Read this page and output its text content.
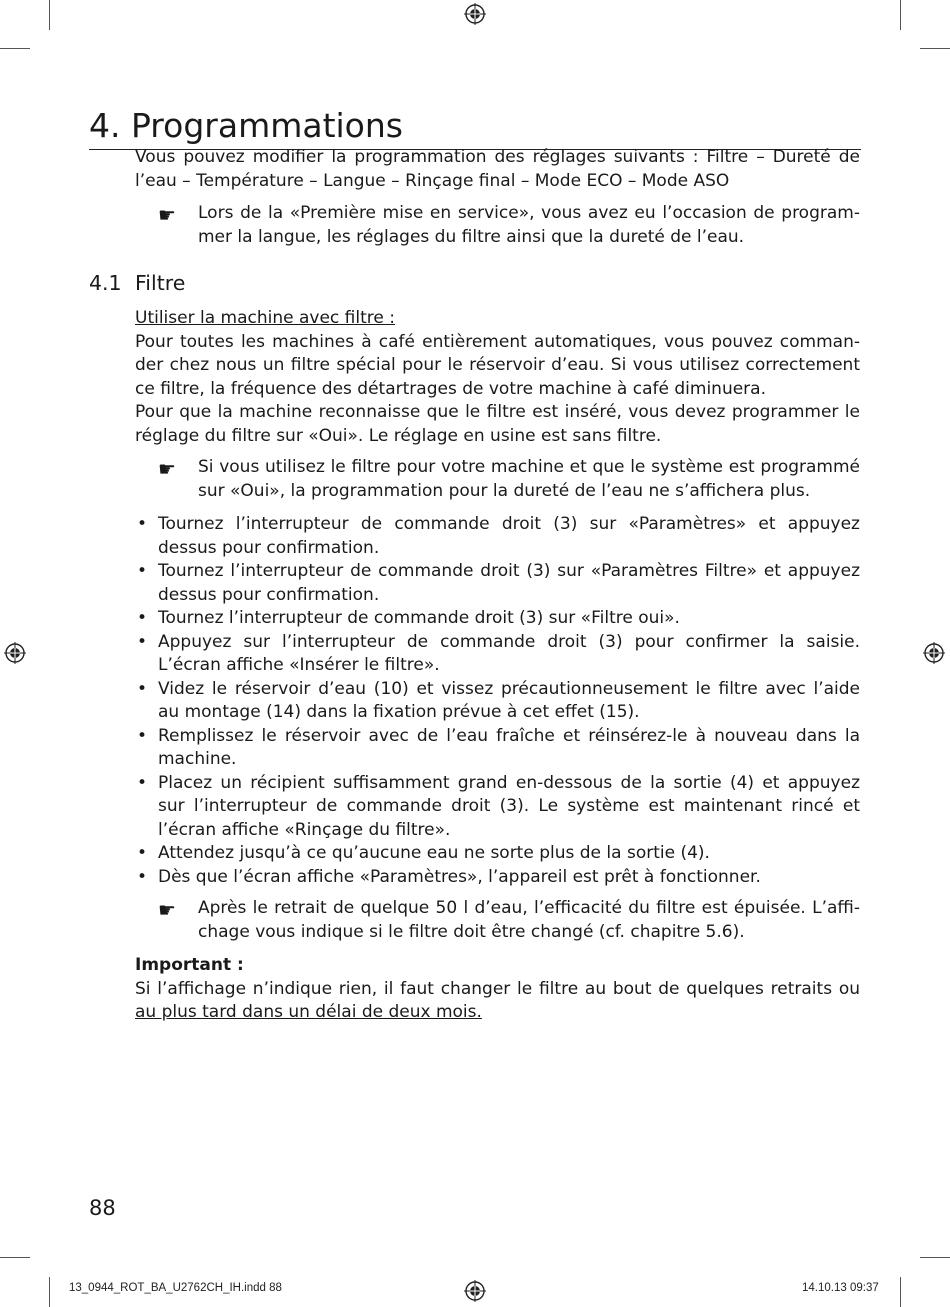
4. Programmations

Vous pouvez modifier la programmation des réglages suivants : Filtre – Dureté de l’eau – Température – Langue – Rinçage final – Mode ECO – Mode ASO

☛	Lors de la «Première mise en service», vous avez eu l’occasion de programmer la langue, les réglages du filtre ainsi que la dureté de l’eau.
4.1 Filtre
Utiliser la machine avec filtre :
Pour toutes les machines à café entièrement automatiques, vous pouvez commander chez nous un filtre spécial pour le réservoir d’eau. Si vous utilisez correctement ce filtre, la fréquence des détartrages de votre machine à café diminuera.
Pour que la machine reconnaisse que le filtre est inséré, vous devez programmer le réglage du filtre sur «Oui». Le réglage en usine est sans filtre.
☛	Si vous utilisez le filtre pour votre machine et que le système est programmé sur «Oui», la programmation pour la dureté de l’eau ne s’affichera plus.
• Tournez l’interrupteur de commande droit (3) sur «Paramètres» et appuyez dessus pour confirmation.
• Tournez l’interrupteur de commande droit (3) sur «Paramètres Filtre» et appuyez dessus pour confirmation.
• Tournez l’interrupteur de commande droit (3) sur «Filtre oui».
• Appuyez sur l’interrupteur de commande droit (3) pour confirmer la saisie. L’écran affiche «Insérer le filtre».
• Videz le réservoir d’eau (10) et vissez précautionneusement le filtre avec l’aide au montage (14) dans la fixation prévue à cet effet (15).
• Remplissez le réservoir avec de l’eau fraîche et réinsérez-le à nouveau dans la machine.
• Placez un récipient suffisamment grand en-dessous de la sortie (4) et appuyez sur l’interrupteur de commande droit (3). Le système est maintenant rincé et l’écran affiche «Rinçage du filtre».
• Attendez jusqu’à ce qu’aucune eau ne sorte plus de la sortie (4).
• Dès que l’écran affiche «Paramètres», l’appareil est prêt à fonctionner.
☛	Après le retrait de quelque 50 l d’eau, l’efficacité du filtre est épuisée. L’affichage vous indique si le filtre doit être changé (cf. chapitre 5.6).
Important :
Si l’affichage n’indique rien, il faut changer le filtre au bout de quelques retraits ou au plus tard dans un délai de deux mois.
88
13_0944_ROT_BA_U2762CH_IH.indd 88	14.10.13 09:37
